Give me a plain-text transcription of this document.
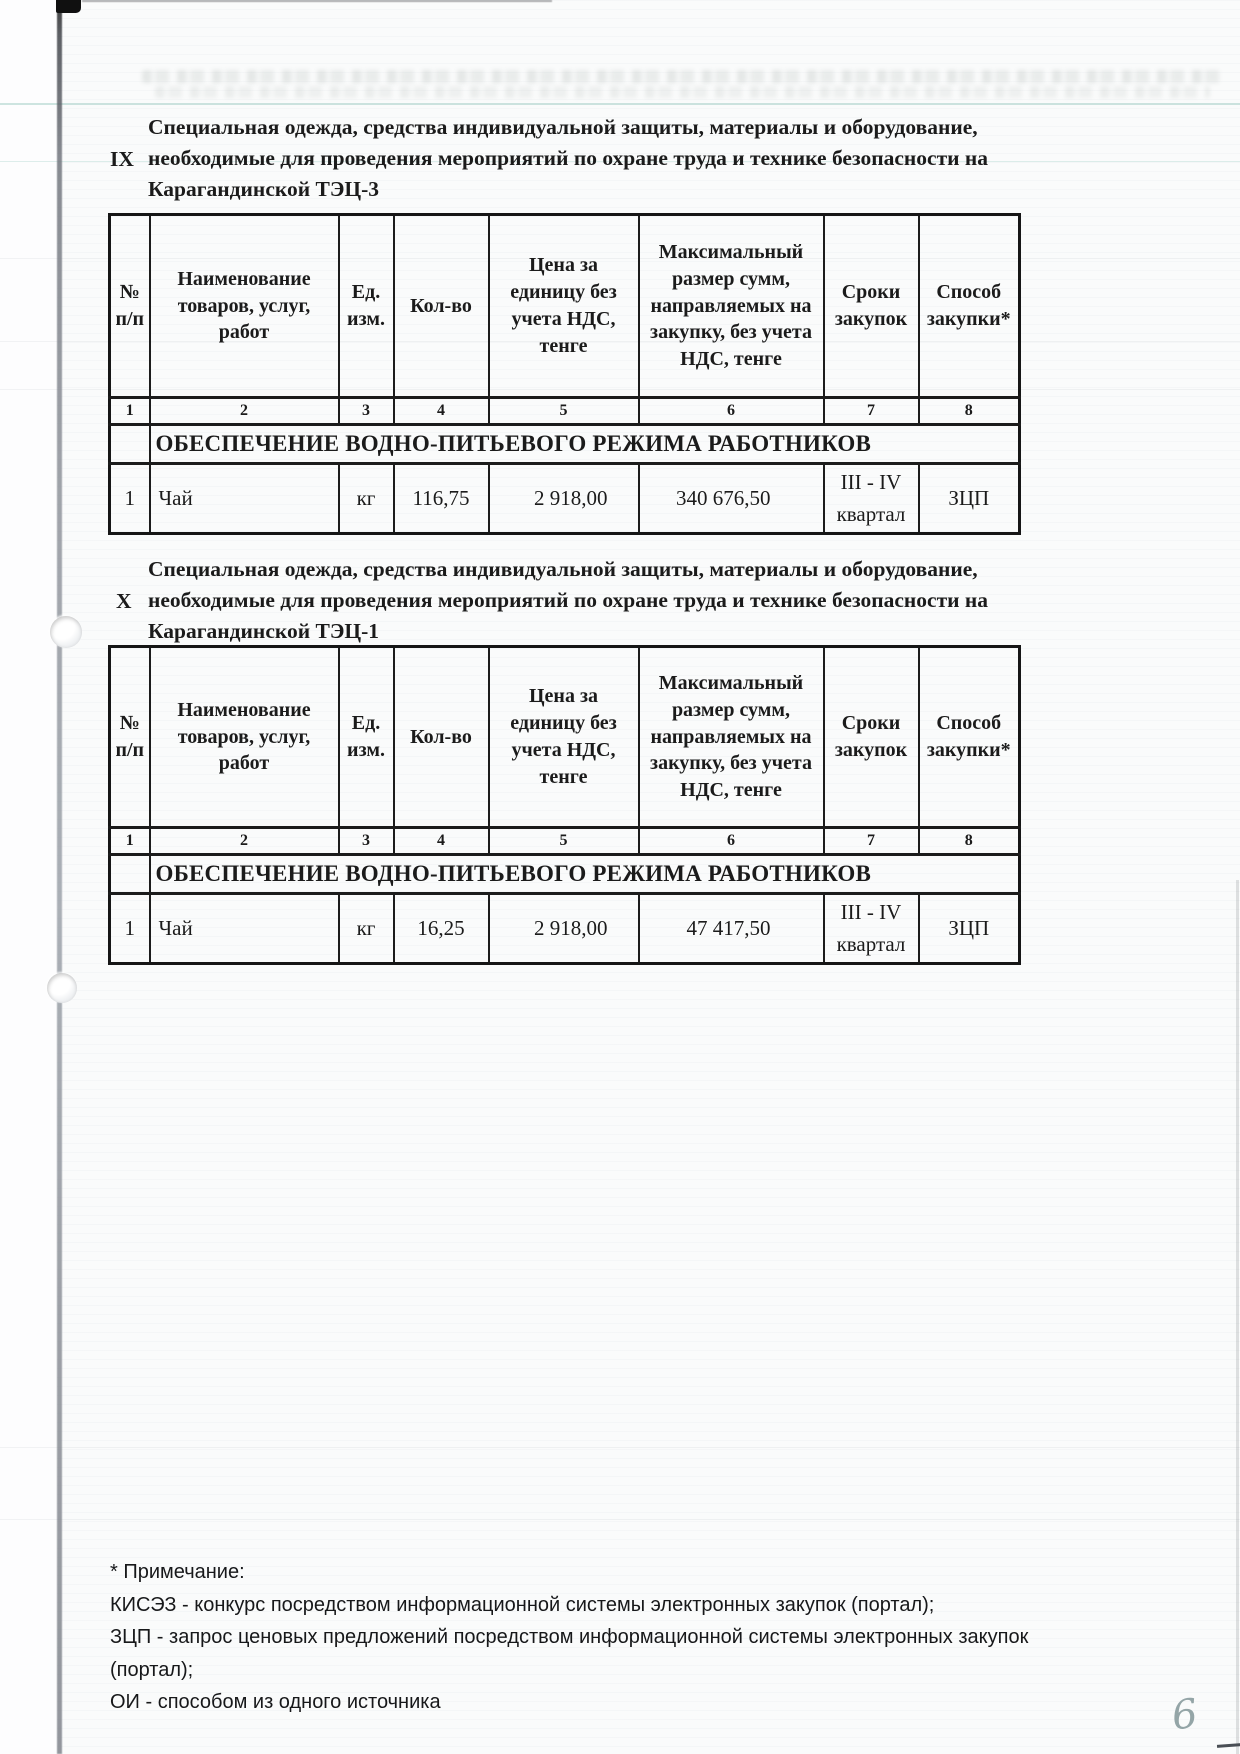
IX
Специальная одежда, средства индивидуальной защиты, материалы и оборудование,
необходимые для проведения мероприятий по охране труда и технике безопасности на
Карагандинской ТЭЦ-3
№ п/п	Наименование товаров, услуг, работ	Ед. изм.	Кол-во	Цена за единицу без учета НДС, тенге	Максимальный размер сумм, направляемых на закупку, без учета НДС, тенге	Сроки закупок	Способ закупки*
1	2	3	4	5	6	7	8
	ОБЕСПЕЧЕНИЕ ВОДНО-ПИТЬЕВОГО РЕЖИМА РАБОТНИКОВ						
1	Чай	кг	116,75	2 918,00	340 676,50	III - IV квартал	ЗЦП
X
Специальная одежда, средства индивидуальной защиты, материалы и оборудование,
необходимые для проведения мероприятий по охране труда и технике безопасности на
Карагандинской ТЭЦ-1
№ п/п	Наименование товаров, услуг, работ	Ед. изм.	Кол-во	Цена за единицу без учета НДС, тенге	Максимальный размер сумм, направляемых на закупку, без учета НДС, тенге	Сроки закупок	Способ закупки*
1	2	3	4	5	6	7	8
	ОБЕСПЕЧЕНИЕ ВОДНО-ПИТЬЕВОГО РЕЖИМА РАБОТНИКОВ						
1	Чай	кг	16,25	2 918,00	47 417,50	III - IV квартал	ЗЦП
* Примечание:
КИСЭЗ - конкурс посредством информационной системы электронных закупок (портал);
ЗЦП - запрос ценовых предложений посредством информационной системы электронных закупок
(портал);
ОИ - способом из одного источника	6
